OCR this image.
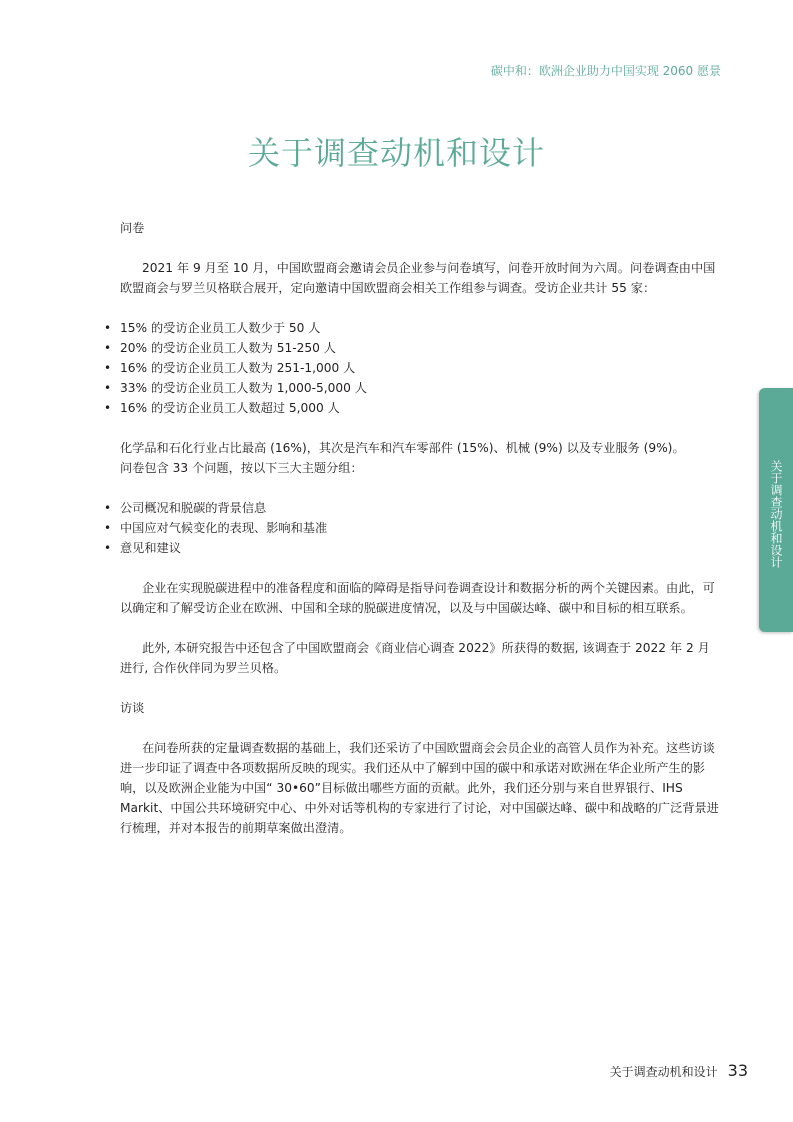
碳中和：欧洲企业助力中国实现 2060 愿景
关于调查动机和设计
问卷

2021 年 9 月至 10 月，中国欧盟商会邀请会员企业参与问卷填写，问卷开放时间为六周。问卷调查由中国欧盟商会与罗兰贝格联合展开，定向邀请中国欧盟商会相关工作组参与调查。受访企业共计 55 家：

• 15% 的受访企业员工人数少于 50 人
• 20% 的受访企业员工人数为 51-250 人
• 16% 的受访企业员工人数为 251-1,000 人
• 33% 的受访企业员工人数为 1,000-5,000 人
• 16% 的受访企业员工人数超过 5,000 人

化学品和石化行业占比最高 (16%)，其次是汽车和汽车零部件 (15%)、机械 (9%) 以及专业服务 (9%)。

问卷包含 33 个问题，按以下三大主题分组：

• 公司概况和脱碳的背景信息
• 中国应对气候变化的表现、影响和基准
• 意见和建议

企业在实现脱碳进程中的准备程度和面临的障碍是指导问卷调查设计和数据分析的两个关键因素。由此，可以确定和了解受访企业在欧洲、中国和全球的脱碳进度情况，以及与中国碳达峰、碳中和目标的相互联系。

此外, 本研究报告中还包含了中国欧盟商会《商业信心调查 2022》所获得的数据, 该调查于 2022 年 2 月进行, 合作伙伴同为罗兰贝格。

访谈

在问卷所获的定量调查数据的基础上，我们还采访了中国欧盟商会会员企业的高管人员作为补充。这些访谈进一步印证了调查中各项数据所反映的现实。我们还从中了解到中国的碳中和承诺对欧洲在华企业所产生的影响，以及欧洲企业能为中国“ 30•60”目标做出哪些方面的贡献。此外，我们还分别与来自世界银行、IHS Markit、中国公共环境研究中心、中外对话等机构的专家进行了讨论，对中国碳达峰、碳中和战略的广泛背景进行梳理，并对本报告的前期草案做出澄清。

关于调查动机和设计
关于调查动机和设计 33
